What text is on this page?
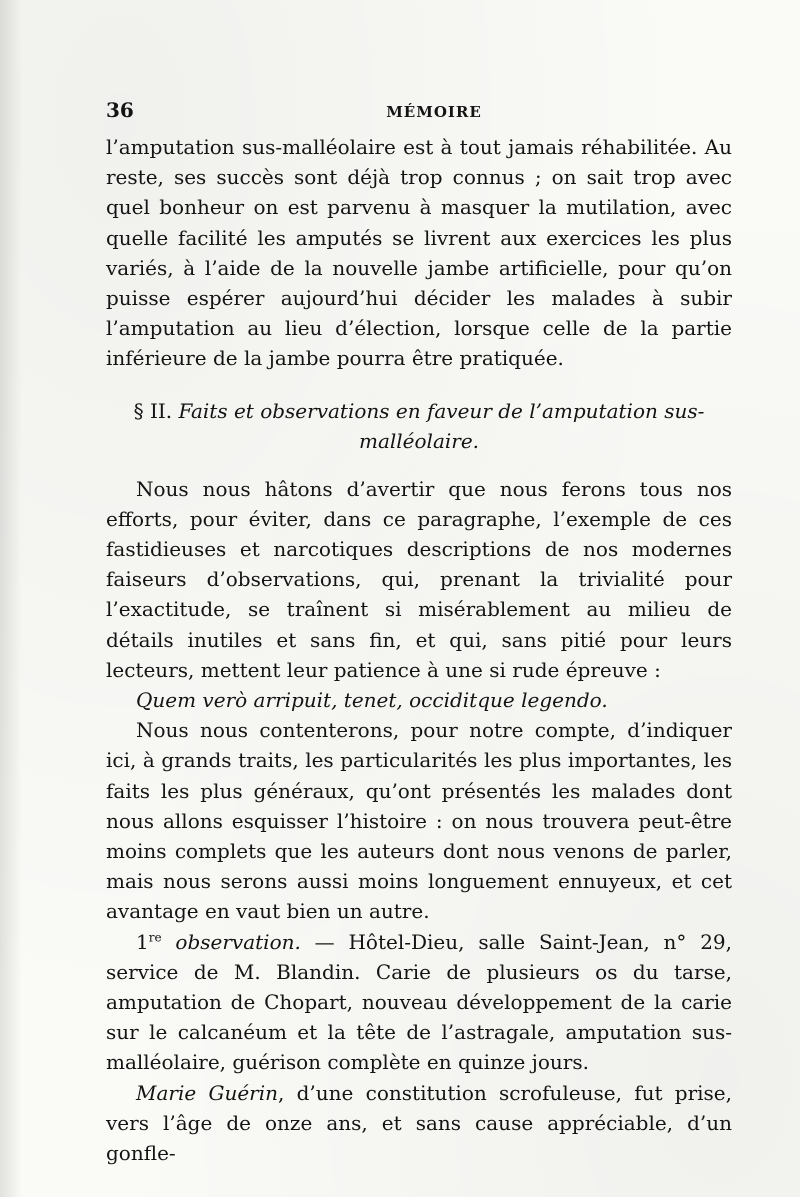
36	MÉMOIRE

l’amputation sus-malléolaire est à tout jamais réhabilitée. Au reste, ses succès sont déjà trop connus ; on sait trop avec quel bonheur on est parvenu à masquer la mutilation, avec quelle facilité les amputés se livrent aux exercices les plus variés, à l’aide de la nouvelle jambe artificielle, pour qu’on puisse espérer aujourd’hui décider les malades à subir l’amputation au lieu d’élection, lorsque celle de la partie inférieure de la jambe pourra être pratiquée.

§ II. Faits et observations en faveur de l’amputation sus-malléolaire.

Nous nous hâtons d’avertir que nous ferons tous nos efforts, pour éviter, dans ce paragraphe, l’exemple de ces fastidieuses et narcotiques descriptions de nos modernes faiseurs d’observations, qui, prenant la trivialité pour l’exactitude, se traînent si misérablement au milieu de détails inutiles et sans fin, et qui, sans pitié pour leurs lecteurs, mettent leur patience à une si rude épreuve :

Quem verò arripuit, tenet, occiditque legendo.

Nous nous contenterons, pour notre compte, d’indiquer ici, à grands traits, les particularités les plus importantes, les faits les plus généraux, qu’ont présentés les malades dont nous allons esquisser l’histoire : on nous trouvera peut-être moins complets que les auteurs dont nous venons de parler, mais nous serons aussi moins longuement ennuyeux, et cet avantage en vaut bien un autre.

1re observation. — Hôtel-Dieu, salle Saint-Jean, n° 29, service de M. Blandin. Carie de plusieurs os du tarse, amputation de Chopart, nouveau développement de la carie sur le calcanéum et la tête de l’astragale, amputation sus-malléolaire, guérison complète en quinze jours.

Marie Guérin, d’une constitution scrofuleuse, fut prise, vers l’âge de onze ans, et sans cause appréciable, d’un gonfle-
